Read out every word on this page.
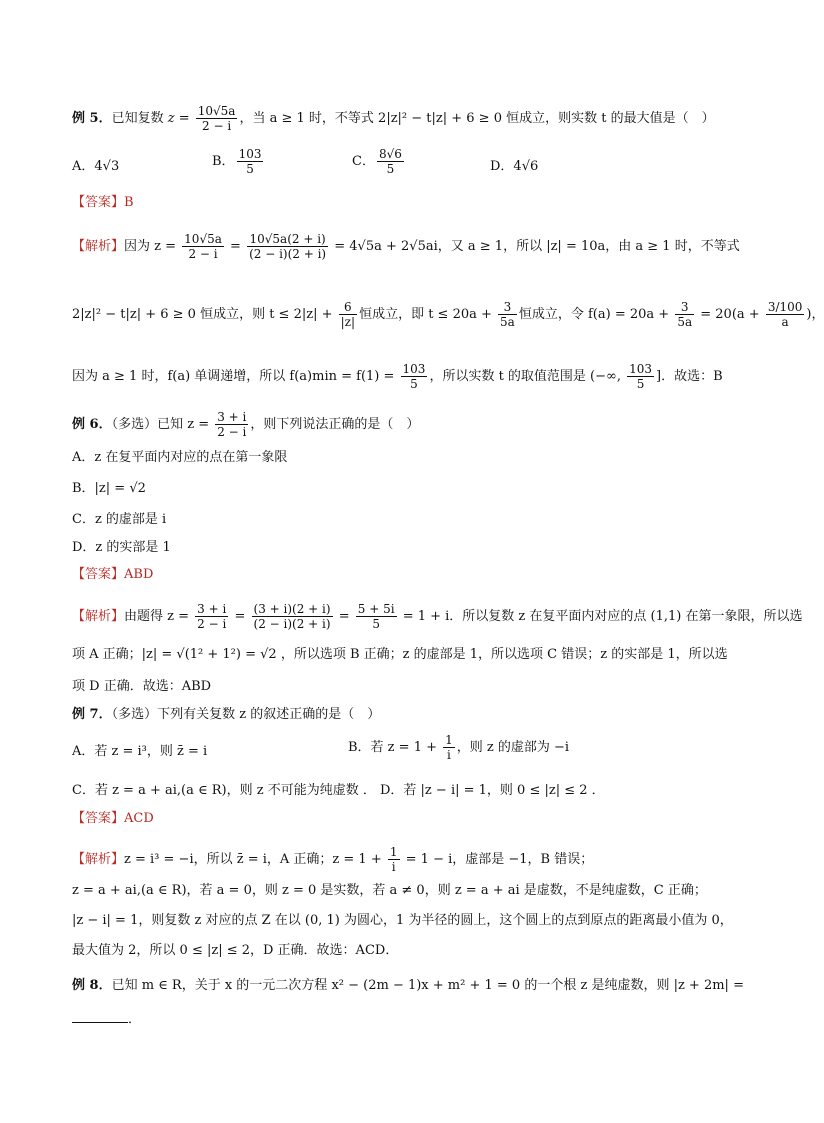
例 5．已知复数 $z = \frac{10√5a}{2 - i}$ ，当 a ≥ 1 时，不等式 2|z|² − t|z| + 6 ≥ 0 恒成立，则实数 t 的最大值是（　）
A．4√3	B． $\frac{103}{5}$	C． $\frac{8√6}{5}$	D．4√6
【答案】B
【解析】因为 $z = \frac{10√5a}{2 - i} = \frac{10√5a(2 + i)}{(2 - i)(2 + i)} = 4√5a + 2√5ai$，又 a ≥ 1，所以 |z| = 10a，由 a ≥ 1 时，不等式
2|z|² − t|z| + 6 ≥ 0 恒成立，则 $t \le 2|z| + \frac{6}{|z|}$ 恒成立，即 $t \le 20a + \frac{3}{5a}$ 恒成立，令 $f(a) = 20a + \frac{3}{5a} = 20(a + \frac{3/100}{a}$ )，
因为 a ≥ 1 时，f(a) 单调递增，所以 $f(a)\min = f(1) = \frac{103}{5}$ ，所以实数 t 的取值范围是 (−∞, $\frac{103}{5}$ ]．故选：B
例 6．（多选）已知 $z = \frac{3 + i}{2 - i}$ ，则下列说法正确的是（　）
A．z 在复平面内对应的点在第一象限
B．|z| = √2
C．z 的虚部是 i
D．z 的实部是 1
【答案】ABD
【解析】由题得 $z = \frac{3 + i}{2 - i} = \frac{(3 + i)(2 + i)}{(2 - i)(2 + i)} = \frac{5 + 5i}{5} = 1 + i$．所以复数 z 在复平面内对应的点 (1,1) 在第一象限，所以选
项 A 正确；|z| = √(1² + 1²) = √2 ，所以选项 B 正确；z 的虚部是 1，所以选项 C 错误；z 的实部是 1，所以选
项 D 正确．故选：ABD
例 7．（多选）下列有关复数 z 的叙述正确的是（　）
A．若 z = i³，则 z̄ = i	B．若 $z = 1 + \frac{1}{i}$ ，则 z 的虚部为 −i
C．若 z = a + ai,(a ∈ R)，则 z 不可能为纯虚数 ． D．若 |z − i| = 1，则 0 ≤ |z| ≤ 2 ．
【答案】ACD
【解析】z = i³ = −i，所以 z̄ = i，A 正确；$z = 1 + \frac{1}{i} = 1 - i$，虚部是 −1，B 错误；
z = a + ai,(a ∈ R)，若 a = 0，则 z = 0 是实数，若 a ≠ 0，则 z = a + ai 是虚数，不是纯虚数，C 正确；
|z − i| = 1，则复数 z 对应的点 Z 在以 (0, 1) 为圆心，1 为半径的圆上，这个圆上的点到原点的距离最小值为 0，
最大值为 2，所以 0 ≤ |z| ≤ 2，D 正确．故选：ACD．
例 8．已知 m ∈ R，关于 x 的一元二次方程 x² − (2m − 1)x + m² + 1 = 0 的一个根 z 是纯虚数，则 |z + 2m| =
．
